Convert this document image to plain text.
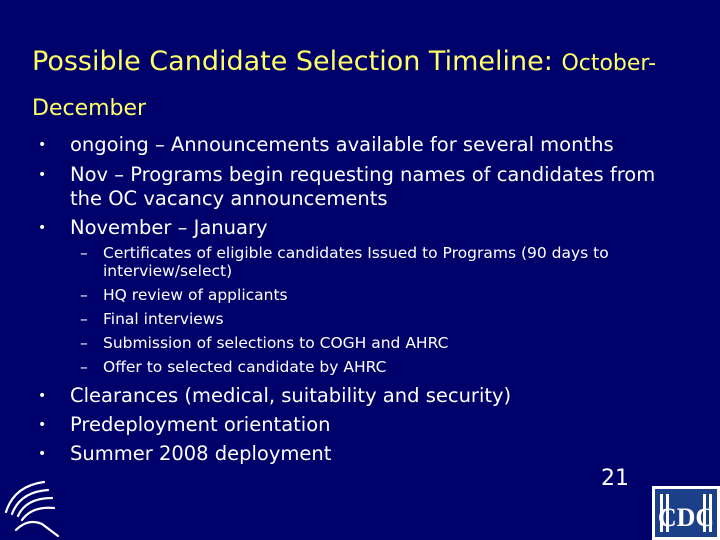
Possible Candidate Selection Timeline: October-December
• ongoing – Announcements available for several months
• Nov – Programs begin requesting names of candidates from the OC vacancy announcements
• November – January
– Certificates of eligible candidates Issued to Programs (90 days to interview/select)
– HQ review of applicants
– Final interviews
– Submission of selections to COGH and AHRC
– Offer to selected candidate by AHRC
• Clearances (medical, suitability and security)
• Predeployment orientation
• Summer 2008 deployment
21
CDC
